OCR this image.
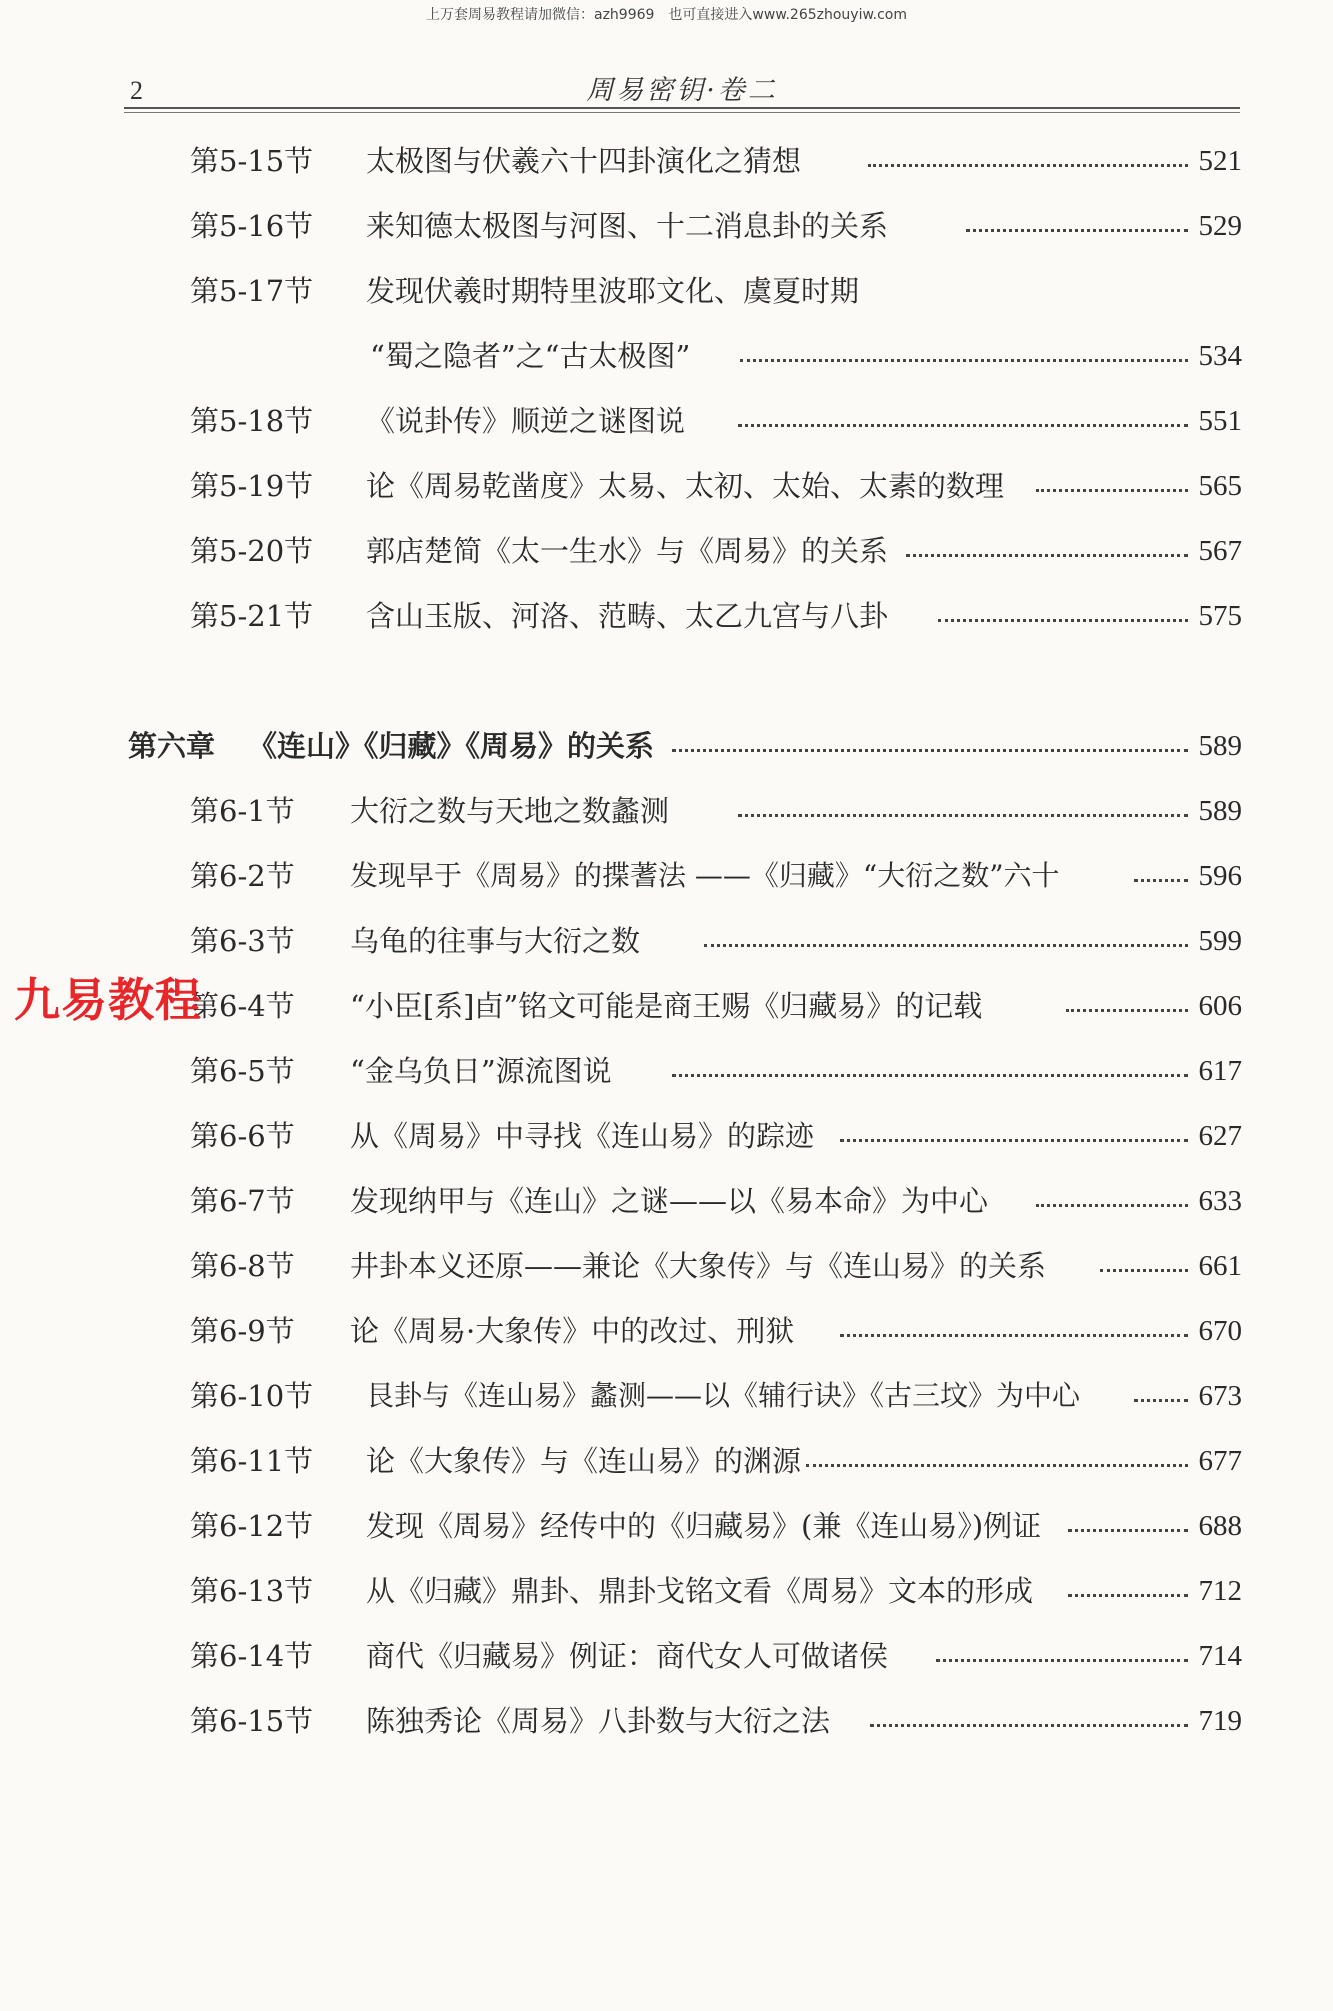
上万套周易教程请加微信：azh9969　也可直接进入www.265zhouyiw.com
2	周易密钥·卷二
第5-15节 太极图与伏羲六十四卦演化之猜想	521
第5-16节 来知德太极图与河图、十二消息卦的关系	529
第5-17节 发现伏羲时期特里波耶文化、虞夏时期
“蜀之隐者”之“古太极图”	534
第5-18节 《说卦传》顺逆之谜图说	551
第5-19节 论《周易乾凿度》太易、太初、太始、太素的数理	565
第5-20节 郭店楚简《太一生水》与《周易》的关系	567
第5-21节 含山玉版、河洛、范畴、太乙九宫与八卦	575
第六章 《连山》《归藏》《周易》的关系	589
第6-1节 大衍之数与天地之数蠡测	589
第6-2节 发现早于《周易》的揲蓍法 ——《归藏》“大衍之数”六十	596
第6-3节 乌龟的往事与大衍之数	599
第6-4节 “小臣[系]卣”铭文可能是商王赐《归藏易》的记载	606
第6-5节 “金乌负日”源流图说	617
第6-6节 从《周易》中寻找《连山易》的踪迹	627
第6-7节 发现纳甲与《连山》之谜——以《易本命》为中心	633
第6-8节 井卦本义还原——兼论《大象传》与《连山易》的关系	661
第6-9节 论《周易·大象传》中的改过、刑狱	670
第6-10节 艮卦与《连山易》蠡测——以《辅行诀》《古三坟》为中心	673
第6-11节 论《大象传》与《连山易》的渊源	677
第6-12节 发现《周易》经传中的《归藏易》(兼《连山易》)例证	688
第6-13节 从《归藏》鼎卦、鼎卦戈铭文看《周易》文本的形成	712
第6-14节 商代《归藏易》例证：商代女人可做诸侯	714
第6-15节 陈独秀论《周易》八卦数与大衍之法	719
九易教程
